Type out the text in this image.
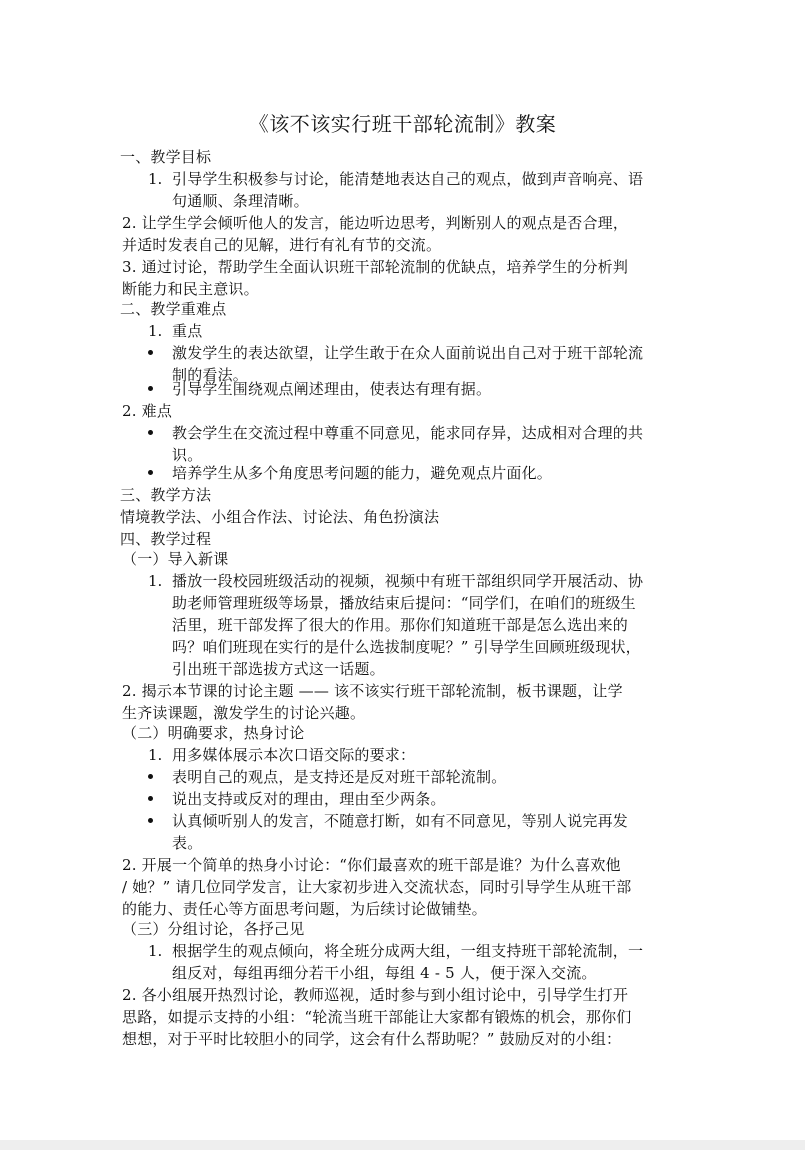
《该不该实行班干部轮流制》教案
一、教学目标
1. 引导学生积极参与讨论，能清楚地表达自己的观点，做到声音响亮、语
句通顺、条理清晰。
2. 让学生学会倾听他人的发言，能边听边思考，判断别人的观点是否合理，
并适时发表自己的见解，进行有礼有节的交流。
3. 通过讨论，帮助学生全面认识班干部轮流制的优缺点，培养学生的分析判
断能力和民主意识。
二、教学重难点
1. 重点
激发学生的表达欲望，让学生敢于在众人面前说出自己对于班干部轮流
制的看法。
引导学生围绕观点阐述理由，使表达有理有据。
2. 难点
教会学生在交流过程中尊重不同意见，能求同存异，达成相对合理的共
识。
培养学生从多个角度思考问题的能力，避免观点片面化。
三、教学方法
情境教学法、小组合作法、讨论法、角色扮演法
四、教学过程
（一）导入新课
1. 播放一段校园班级活动的视频，视频中有班干部组织同学开展活动、协
助老师管理班级等场景，播放结束后提问：“同学们，在咱们的班级生
活里，班干部发挥了很大的作用。那你们知道班干部是怎么选出来的
吗？咱们班现在实行的是什么选拔制度呢？” 引导学生回顾班级现状，
引出班干部选拔方式这一话题。
2. 揭示本节课的讨论主题 —— 该不该实行班干部轮流制，板书课题，让学
生齐读课题，激发学生的讨论兴趣。
（二）明确要求，热身讨论
1. 用多媒体展示本次口语交际的要求：
表明自己的观点，是支持还是反对班干部轮流制。
说出支持或反对的理由，理由至少两条。
认真倾听别人的发言，不随意打断，如有不同意见，等别人说完再发
表。
2. 开展一个简单的热身小讨论：“你们最喜欢的班干部是谁？为什么喜欢他
/ 她？” 请几位同学发言，让大家初步进入交流状态，同时引导学生从班干部
的能力、责任心等方面思考问题，为后续讨论做铺垫。
（三）分组讨论，各抒己见
1. 根据学生的观点倾向，将全班分成两大组，一组支持班干部轮流制，一
组反对，每组再细分若干小组，每组 4 - 5 人，便于深入交流。
2. 各小组展开热烈讨论，教师巡视，适时参与到小组讨论中，引导学生打开
思路，如提示支持的小组：“轮流当班干部能让大家都有锻炼的机会，那你们
想想，对于平时比较胆小的同学，这会有什么帮助呢？” 鼓励反对的小组：
